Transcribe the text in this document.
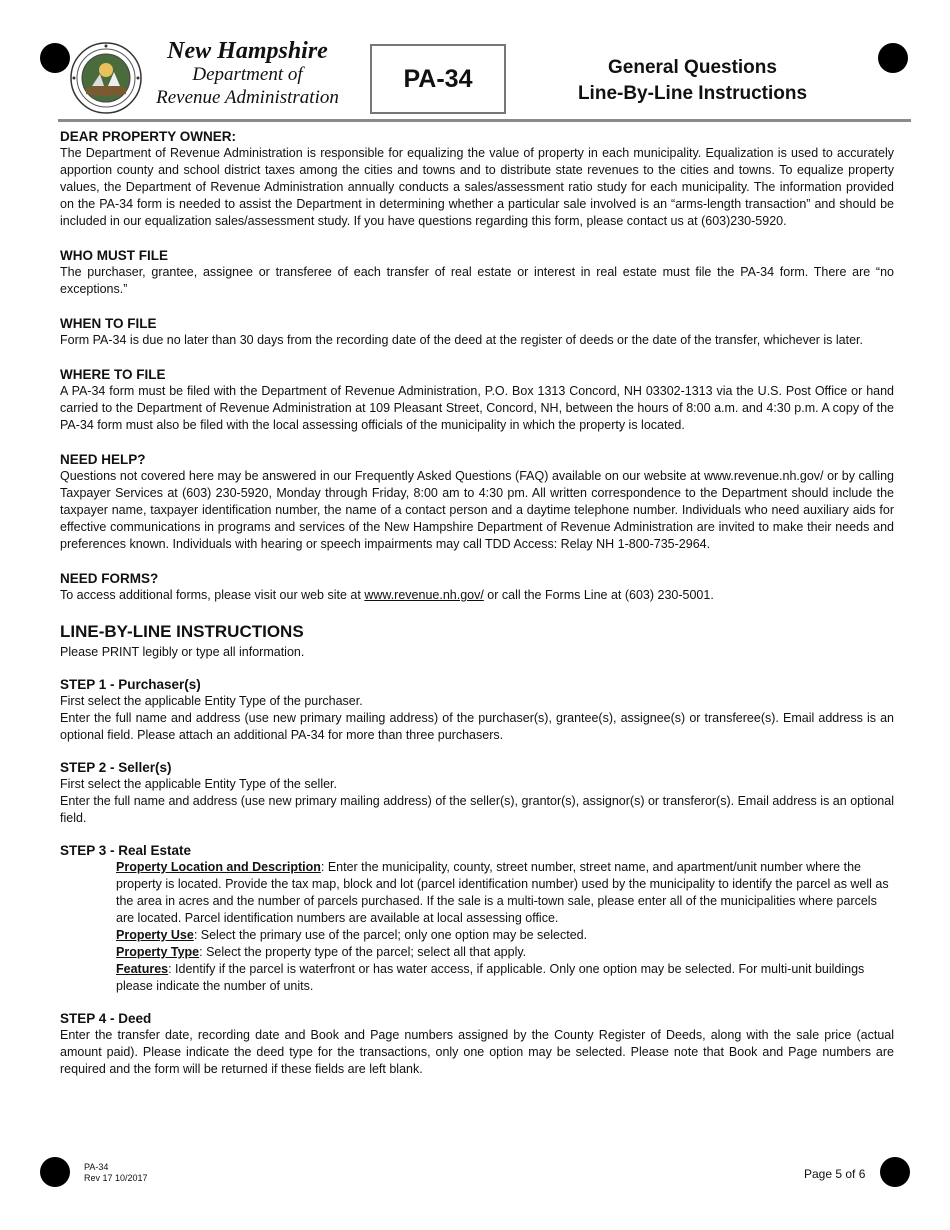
New Hampshire
Department of
Revenue Administration
PA-34	General Questions
Line-By-Line Instructions

DEAR PROPERTY OWNER:

The Department of Revenue Administration is responsible for equalizing the value of property in each municipality. Equalization is used to accurately apportion county and school district taxes among the cities and towns and to distribute state revenues to the cities and towns. To equalize property values, the Department of Revenue Administration annually conducts a sales/assessment ratio study for each municipality. The information provided on the PA-34 form is needed to assist the Department in determining whether a particular sale involved is an “arms-length transaction” and should be included in our equalization sales/assessment study. If you have questions regarding this form, please contact us at (603)230-5920.

WHO MUST FILE

The purchaser, grantee, assignee or transferee of each transfer of real estate or interest in real estate must file the PA-34 form. There are “no exceptions.”

WHEN TO FILE

Form PA-34 is due no later than 30 days from the recording date of the deed at the register of deeds or the date of the transfer, whichever is later.

WHERE TO FILE

A PA-34 form must be filed with the Department of Revenue Administration, P.O. Box 1313 Concord, NH 03302-1313 via the U.S. Post Office or hand carried to the Department of Revenue Administration at 109 Pleasant Street, Concord, NH, between the hours of 8:00 a.m. and 4:30 p.m. A copy of the PA-34 form must also be filed with the local assessing officials of the municipality in which the property is located.

NEED HELP?

Questions not covered here may be answered in our Frequently Asked Questions (FAQ) available on our website at www.revenue.nh.gov/ or by calling Taxpayer Services at (603) 230-5920, Monday through Friday, 8:00 am to 4:30 pm. All written correspondence to the Department should include the taxpayer name, taxpayer identification number, the name of a contact person and a daytime telephone number. Individuals who need auxiliary aids for effective communications in programs and services of the New Hampshire Department of Revenue Administration are invited to make their needs and preferences known. Individuals with hearing or speech impairments may call TDD Access: Relay NH 1-800-735-2964.

NEED FORMS?

To access additional forms, please visit our web site at www.revenue.nh.gov/ or call the Forms Line at (603) 230-5001.

LINE-BY-LINE INSTRUCTIONS

Please PRINT legibly or type all information.

STEP 1 - Purchaser(s)

First select the applicable Entity Type of the purchaser.

Enter the full name and address (use new primary mailing address) of the purchaser(s), grantee(s), assignee(s) or transferee(s). Email address is an optional field. Please attach an additional PA-34 for more than three purchasers.

STEP 2 - Seller(s)

First select the applicable Entity Type of the seller.

Enter the full name and address (use new primary mailing address) of the seller(s), grantor(s), assignor(s) or transferor(s). Email address is an optional field.

STEP 3 - Real Estate

Property Location and Description: Enter the municipality, county, street number, street name, and apartment/unit number where the property is located. Provide the tax map, block and lot (parcel identification number) used by the municipality to identify the parcel as well as the area in acres and the number of parcels purchased. If the sale is a multi-town sale, please enter all of the municipalities where parcels are located. Parcel identification numbers are available at local assessing office.

Property Use: Select the primary use of the parcel; only one option may be selected.

Property Type: Select the property type of the parcel; select all that apply.

Features: Identify if the parcel is waterfront or has water access, if applicable. Only one option may be selected. For multi-unit buildings please indicate the number of units.

STEP 4 - Deed

Enter the transfer date, recording date and Book and Page numbers assigned by the County Register of Deeds, along with the sale price (actual amount paid). Please indicate the deed type for the transactions, only one option may be selected. Please note that Book and Page numbers are required and the form will be returned if these fields are left blank.

PA-34
Rev 17 10/2017	Page 5 of 6
